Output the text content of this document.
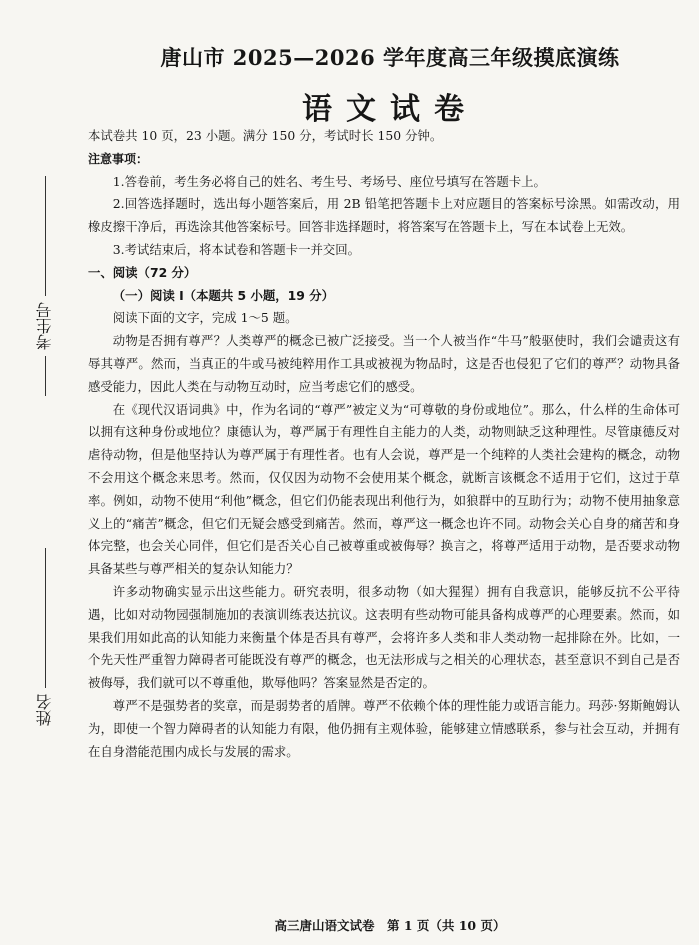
考生号
姓名
唐山市 2025—2026 学年度高三年级摸底演练
语文试卷

本试卷共 10 页，23 小题。满分 150 分，考试时长 150 分钟。

注意事项：

1.答卷前，考生务必将自己的姓名、考生号、考场号、座位号填写在答题卡上。

2.回答选择题时，选出每小题答案后，用 2B 铅笔把答题卡上对应题目的答案标号涂黑。如需改动，用橡皮擦干净后，再选涂其他答案标号。回答非选择题时，将答案写在答题卡上，写在本试卷上无效。

3.考试结束后，将本试卷和答题卡一并交回。

一、阅读（72 分）

（一）阅读 Ⅰ（本题共 5 小题，19 分）

阅读下面的文字，完成 1～5 题。

动物是否拥有尊严？人类尊严的概念已被广泛接受。当一个人被当作“牛马”般驱使时，我们会谴责这有辱其尊严。然而，当真正的牛或马被纯粹用作工具或被视为物品时，这是否也侵犯了它们的尊严？动物具备感受能力，因此人类在与动物互动时，应当考虑它们的感受。

在《现代汉语词典》中，作为名词的“尊严”被定义为“可尊敬的身份或地位”。那么，什么样的生命体可以拥有这种身份或地位？康德认为，尊严属于有理性自主能力的人类，动物则缺乏这种理性。尽管康德反对虐待动物，但是他坚持认为尊严属于有理性者。也有人会说，尊严是一个纯粹的人类社会建构的概念，动物不会用这个概念来思考。然而，仅仅因为动物不会使用某个概念，就断言该概念不适用于它们，这过于草率。例如，动物不使用“利他”概念，但它们仍能表现出利他行为，如狼群中的互助行为；动物不使用抽象意义上的“痛苦”概念，但它们无疑会感受到痛苦。然而，尊严这一概念也许不同。动物会关心自身的痛苦和身体完整，也会关心同伴，但它们是否关心自己被尊重或被侮辱？换言之，将尊严适用于动物，是否要求动物具备某些与尊严相关的复杂认知能力？

许多动物确实显示出这些能力。研究表明，很多动物（如大猩猩）拥有自我意识，能够反抗不公平待遇，比如对动物园强制施加的表演训练表达抗议。这表明有些动物可能具备构成尊严的心理要素。然而，如果我们用如此高的认知能力来衡量个体是否具有尊严，会将许多人类和非人类动物一起排除在外。比如，一个先天性严重智力障碍者可能既没有尊严的概念，也无法形成与之相关的心理状态，甚至意识不到自己是否被侮辱，我们就可以不尊重他，欺辱他吗？答案显然是否定的。

尊严不是强势者的奖章，而是弱势者的盾牌。尊严不依赖个体的理性能力或语言能力。玛莎·努斯鲍姆认为，即使一个智力障碍者的认知能力有限，他仍拥有主观体验，能够建立情感联系，参与社会互动，并拥有在自身潜能范围内成长与发展的需求。

高三唐山语文试卷　第 1 页（共 10 页）
